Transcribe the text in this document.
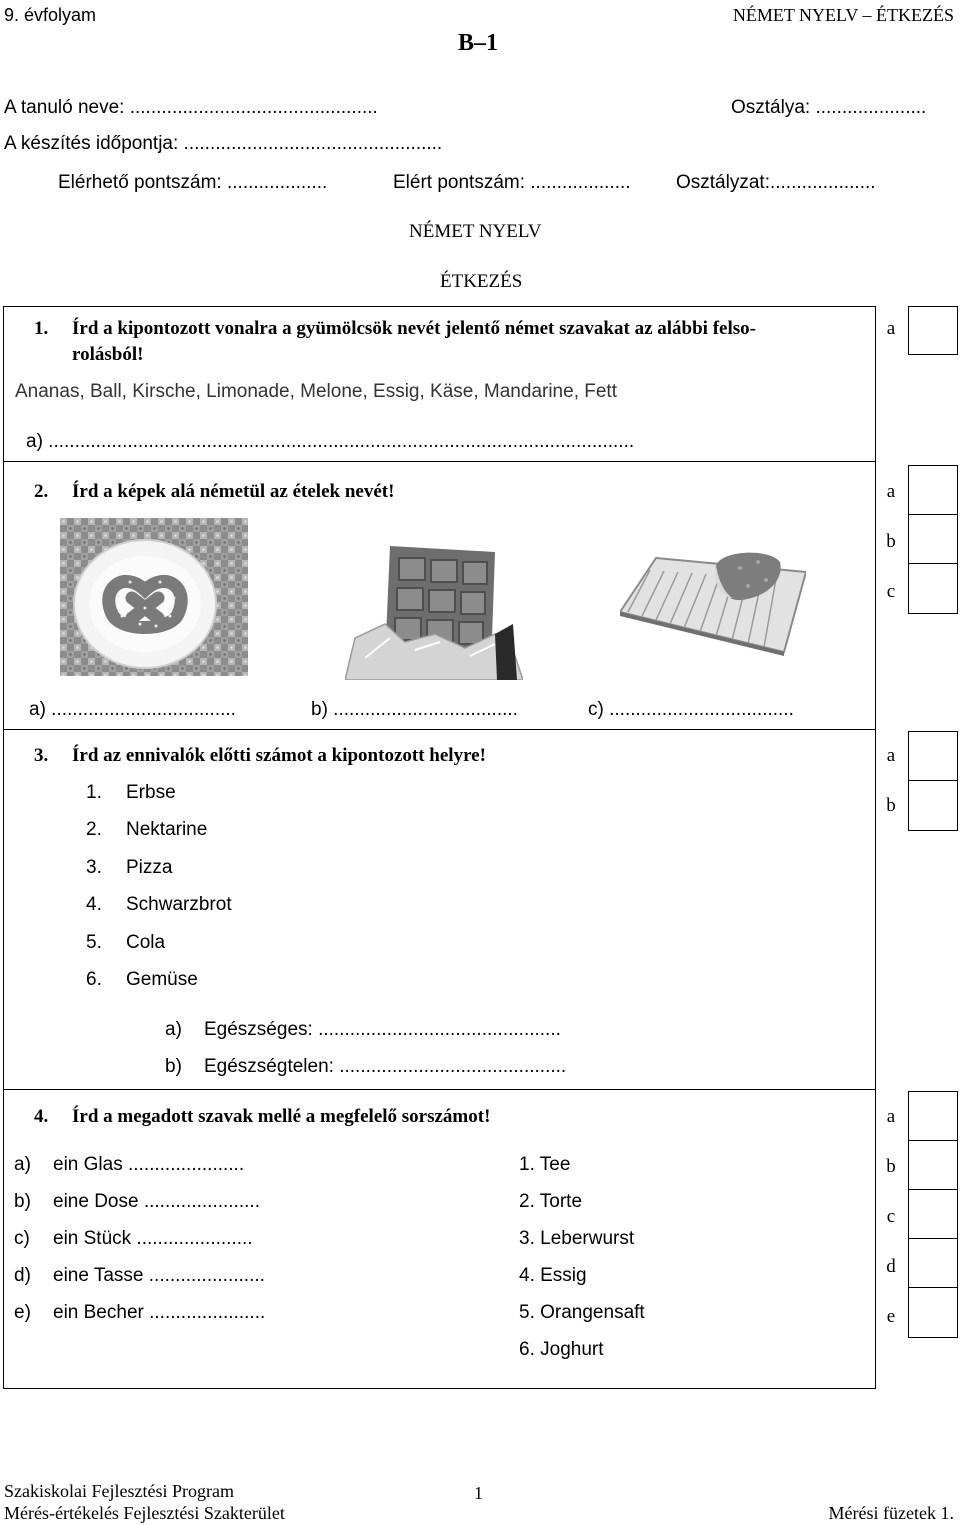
9. évfolyam	NÉMET NYELV – ÉTKEZÉS
B–1
A tanuló neve: ...............................................	Osztálya: .....................
A készítés időpontja: .................................................
Elérhető pontszám: ...................	Elért pontszám: ................... Osztályzat:....................
NÉMET NYELV
ÉTKEZÉS
1. Írd a kipontozott vonalra a gyümölcsök nevét jelentő német szavakat az alábbi felso-
rolásból!
Ananas, Ball, Kirsche, Limonade, Melone, Essig, Käse, Mandarine, Fett
a) ...............................................................................................................
a
2. Írd a képek alá németül az ételek nevét!
a) ...................................	b) ...................................	c) ...................................
a
b
c
3. Írd az ennivalók előtti számot a kipontozott helyre!
1. Erbse
2. Nektarine
3. Pizza
4. Schwarzbrot
5. Cola
6. Gemüse
a) Egészséges: ..............................................
b) Egészségtelen: ...........................................
a
b
4. Írd a megadott szavak mellé a megfelelő sorszámot!
a) ein Glas ......................
b) eine Dose ......................
c) ein Stück ......................
d) eine Tasse ......................
e) ein Becher ......................
1. Tee
2. Torte
3. Leberwurst
4. Essig
5. Orangensaft
6. Joghurt
a
b
c
d
e
Szakiskolai Fejlesztési Program
Mérés-értékelés Fejlesztési Szakterület
1
Mérési füzetek 1.
